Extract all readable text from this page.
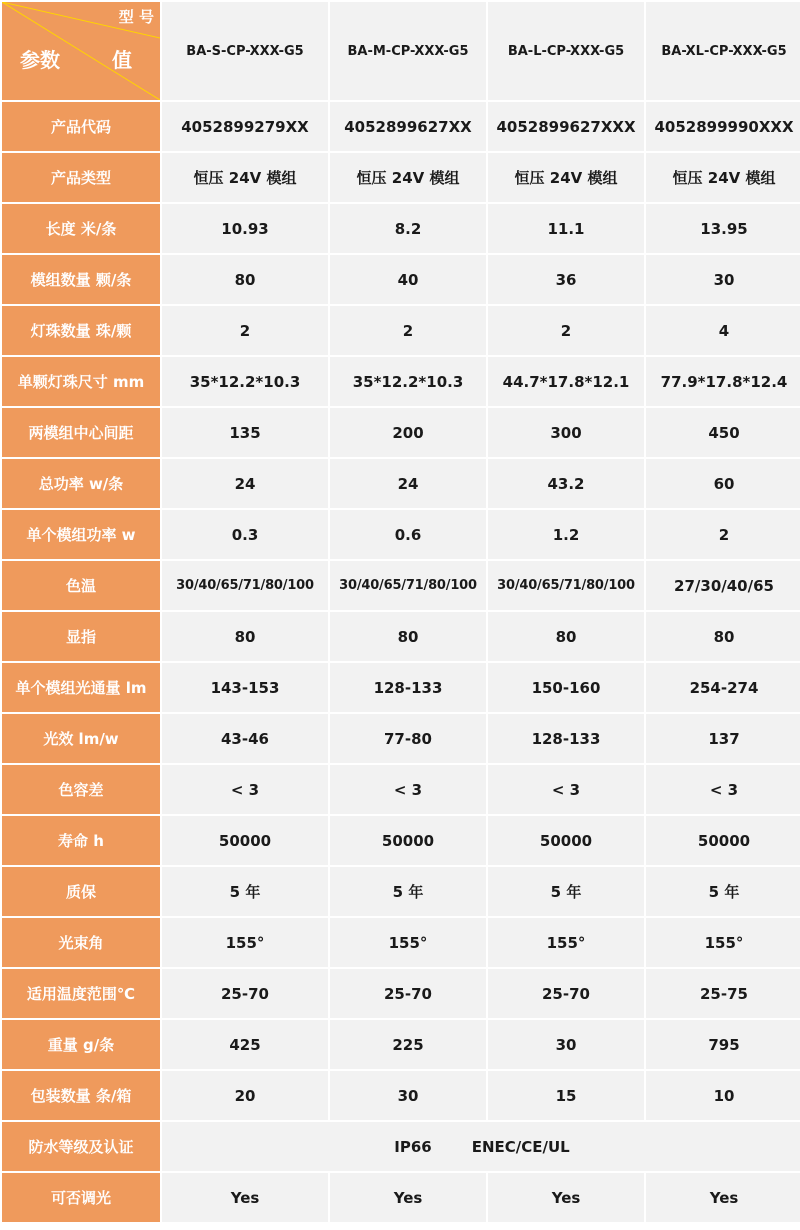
型 号
参数 值	BA-S-CP-XXX-G5	BA-M-CP-XXX-G5	BA-L-CP-XXX-G5	BA-XL-CP-XXX-G5
产品代码	4052899279XX	4052899627XX	4052899627XXX	4052899990XXX
产品类型	恒压 24V 模组	恒压 24V 模组	恒压 24V 模组	恒压 24V 模组
长度 米/条	10.93	8.2	11.1	13.95
模组数量 颗/条	80	40	36	30
灯珠数量 珠/颗	2	2	2	4
单颗灯珠尺寸 mm	35*12.2*10.3	35*12.2*10.3	44.7*17.8*12.1	77.9*17.8*12.4
两模组中心间距	135	200	300	450
总功率 w/条	24	24	43.2	60
单个模组功率 w	0.3	0.6	1.2	2
色温	30/40/65/71/80/100	30/40/65/71/80/100	30/40/65/71/80/100	27/30/40/65
显指	80	80	80	80
单个模组光通量 lm	143-153	128-133	150-160	254-274
光效 lm/w	43-46	77-80	128-133	137
色容差	< 3	< 3	< 3	< 3
寿命 h	50000	50000	50000	50000
质保	5 年	5 年	5 年	5 年
光束角	155°	155°	155°	155°
适用温度范围℃	25-70	25-70	25-70	25-75
重量 g/条	425	225	30	795
包装数量 条/箱	20	30	15	10
防水等级及认证	IP66 ENEC/CE/UL			
可否调光	Yes	Yes	Yes	Yes
